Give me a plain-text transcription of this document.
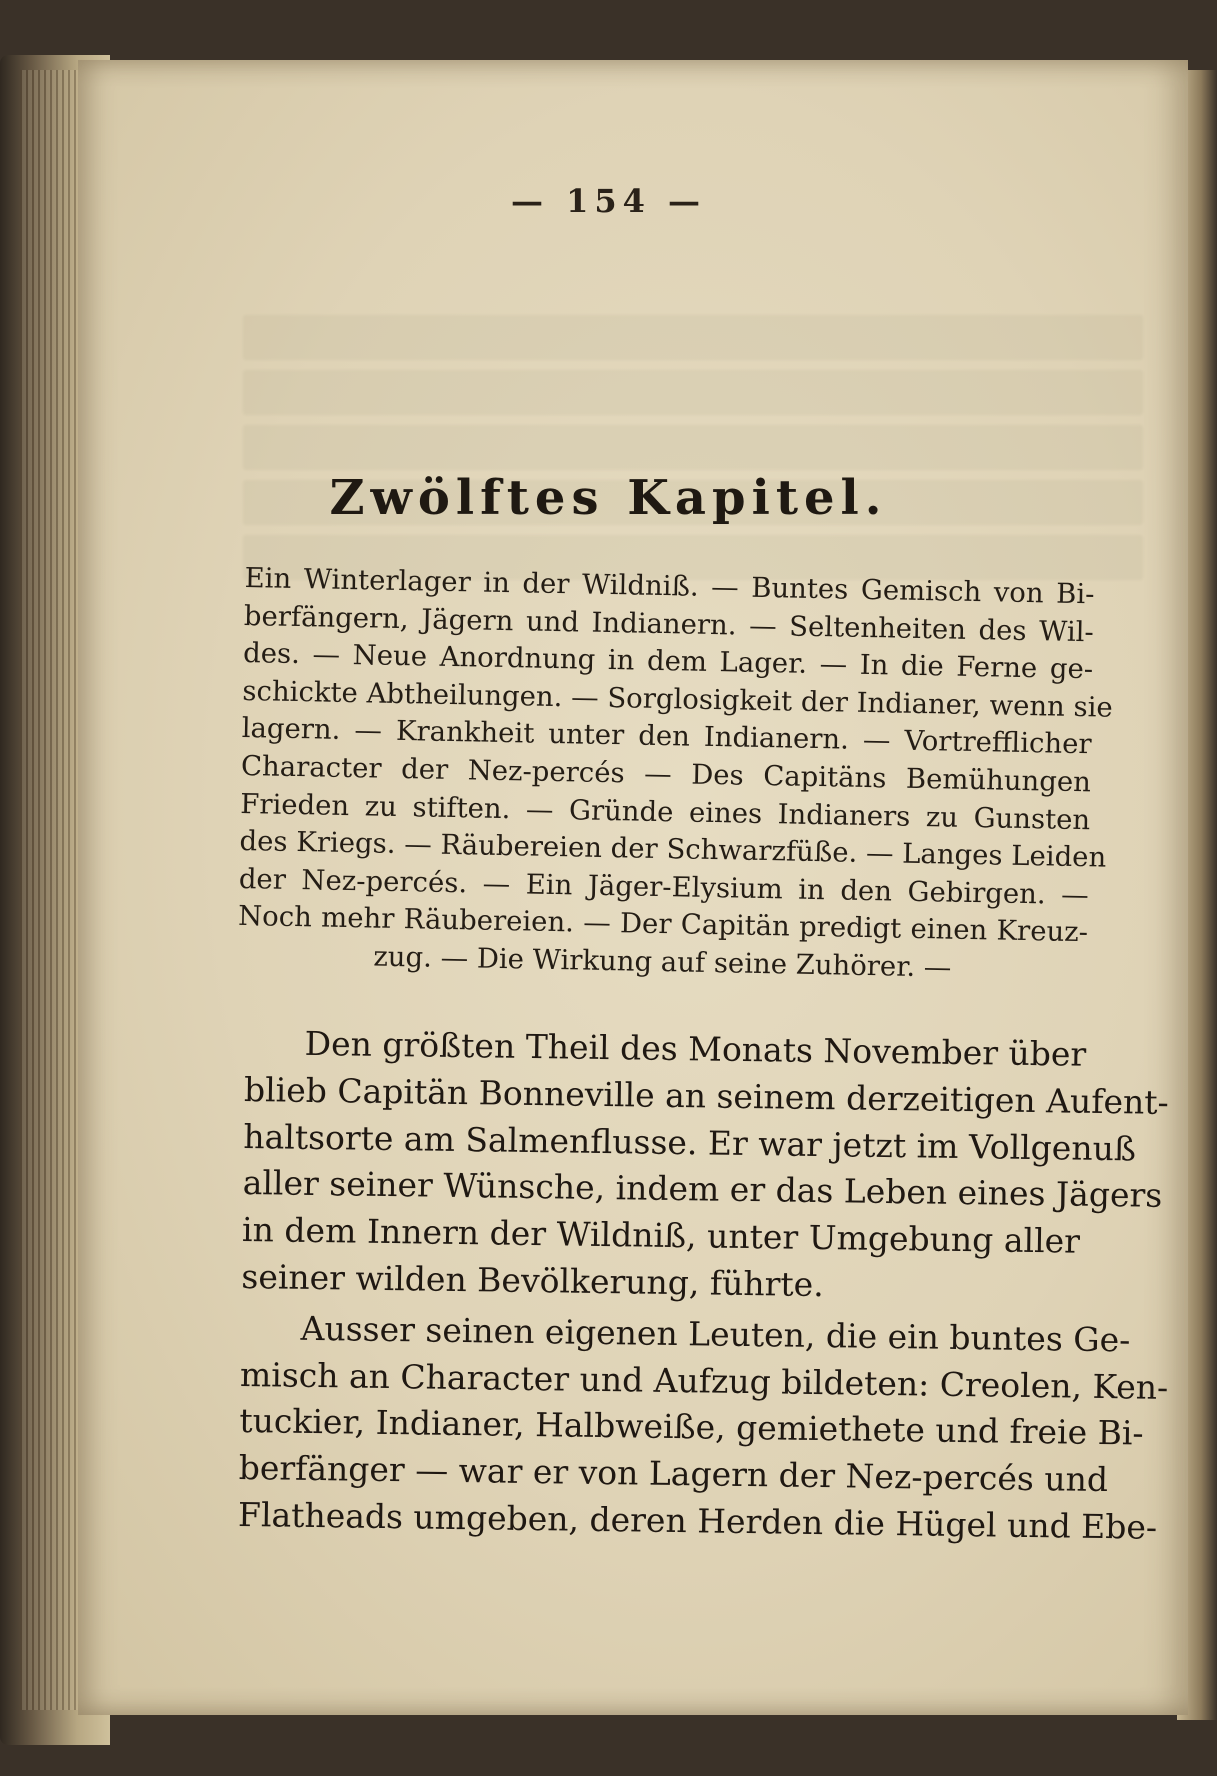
— 154 —
Zwölftes Kapitel.
Ein Winterlager in der Wildniß. — Buntes Gemisch von Bi-
berfängern, Jägern und Indianern. — Seltenheiten des Wil-
des. — Neue Anordnung in dem Lager. — In die Ferne ge-
schickte Abtheilungen. — Sorglosigkeit der Indianer, wenn sie
lagern. — Krankheit unter den Indianern. — Vortrefflicher
Character der Nez-percés — Des Capitäns Bemühungen
Frieden zu stiften. — Gründe eines Indianers zu Gunsten
des Kriegs. — Räubereien der Schwarzfüße. — Langes Leiden
der Nez-percés. — Ein Jäger-Elysium in den Gebirgen. —
Noch mehr Räubereien. — Der Capitän predigt einen Kreuz-
zug. — Die Wirkung auf seine Zuhörer. —
Den größten Theil des Monats November über
blieb Capitän Bonneville an seinem derzeitigen Aufent-
haltsorte am Salmenflusse. Er war jetzt im Vollgenuß
aller seiner Wünsche, indem er das Leben eines Jägers
in dem Innern der Wildniß, unter Umgebung aller
seiner wilden Bevölkerung, führte.
Ausser seinen eigenen Leuten, die ein buntes Ge-
misch an Character und Aufzug bildeten: Creolen, Ken-
tuckier, Indianer, Halbweiße, gemiethete und freie Bi-
berfänger — war er von Lagern der Nez-percés und
Flatheads umgeben, deren Herden die Hügel und Ebe-
